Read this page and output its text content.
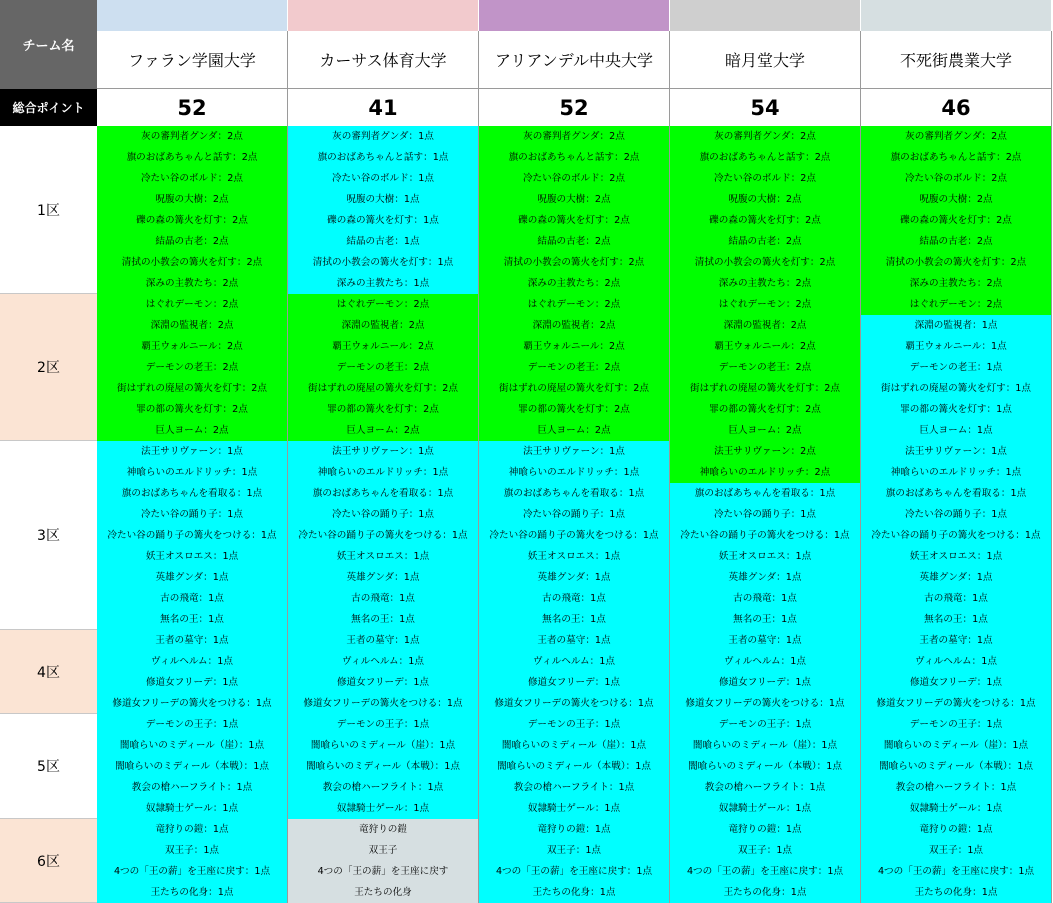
チーム名
総合ポイント
1区
2区
3区
4区
5区
6区
ファラン学園大学
52
灰の審判者グンダ：2点
旗のおばあちゃんと話す：2点
冷たい谷のボルド：2点
呪腹の大樹：2点
礫の森の篝火を灯す：2点
結晶の古老：2点
清拭の小教会の篝火を灯す：2点
深みの主教たち：2点
はぐれデーモン：2点
深淵の監視者：2点
覇王ウォルニール：2点
デーモンの老王：2点
街はずれの廃屋の篝火を灯す：2点
罪の都の篝火を灯す：2点
巨人ヨーム：2点
法王サリヴァーン：1点
神喰らいのエルドリッチ：1点
旗のおばあちゃんを看取る：1点
冷たい谷の踊り子：1点
冷たい谷の踊り子の篝火をつける：1点
妖王オスロエス：1点
英雄グンダ：1点
古の飛竜：1点
無名の王：1点
王者の墓守：1点
ヴィルヘルム：1点
修道女フリーデ：1点
修道女フリーデの篝火をつける：1点
デーモンの王子：1点
闇喰らいのミディール（崖）：1点
闇喰らいのミディール（本戦）：1点
教会の槍ハーフライト：1点
奴隷騎士ゲール：1点
竜狩りの鎧：1点
双王子：1点
4つの「王の薪」を王座に戻す：1点
王たちの化身：1点
カーサス体育大学
41
灰の審判者グンダ：1点
旗のおばあちゃんと話す：1点
冷たい谷のボルド：1点
呪腹の大樹：1点
礫の森の篝火を灯す：1点
結晶の古老：1点
清拭の小教会の篝火を灯す：1点
深みの主教たち：1点
はぐれデーモン：2点
深淵の監視者：2点
覇王ウォルニール：2点
デーモンの老王：2点
街はずれの廃屋の篝火を灯す：2点
罪の都の篝火を灯す：2点
巨人ヨーム：2点
法王サリヴァーン：1点
神喰らいのエルドリッチ：1点
旗のおばあちゃんを看取る：1点
冷たい谷の踊り子：1点
冷たい谷の踊り子の篝火をつける：1点
妖王オスロエス：1点
英雄グンダ：1点
古の飛竜：1点
無名の王：1点
王者の墓守：1点
ヴィルヘルム：1点
修道女フリーデ：1点
修道女フリーデの篝火をつける：1点
デーモンの王子：1点
闇喰らいのミディール（崖）：1点
闇喰らいのミディール（本戦）：1点
教会の槍ハーフライト：1点
奴隷騎士ゲール：1点
竜狩りの鎧
双王子
4つの「王の薪」を王座に戻す
王たちの化身
アリアンデル中央大学
52
灰の審判者グンダ：2点
旗のおばあちゃんと話す：2点
冷たい谷のボルド：2点
呪腹の大樹：2点
礫の森の篝火を灯す：2点
結晶の古老：2点
清拭の小教会の篝火を灯す：2点
深みの主教たち：2点
はぐれデーモン：2点
深淵の監視者：2点
覇王ウォルニール：2点
デーモンの老王：2点
街はずれの廃屋の篝火を灯す：2点
罪の都の篝火を灯す：2点
巨人ヨーム：2点
法王サリヴァーン：1点
神喰らいのエルドリッチ：1点
旗のおばあちゃんを看取る：1点
冷たい谷の踊り子：1点
冷たい谷の踊り子の篝火をつける：1点
妖王オスロエス：1点
英雄グンダ：1点
古の飛竜：1点
無名の王：1点
王者の墓守：1点
ヴィルヘルム：1点
修道女フリーデ：1点
修道女フリーデの篝火をつける：1点
デーモンの王子：1点
闇喰らいのミディール（崖）：1点
闇喰らいのミディール（本戦）：1点
教会の槍ハーフライト：1点
奴隷騎士ゲール：1点
竜狩りの鎧：1点
双王子：1点
4つの「王の薪」を王座に戻す：1点
王たちの化身：1点
暗月堂大学
54
灰の審判者グンダ：2点
旗のおばあちゃんと話す：2点
冷たい谷のボルド：2点
呪腹の大樹：2点
礫の森の篝火を灯す：2点
結晶の古老：2点
清拭の小教会の篝火を灯す：2点
深みの主教たち：2点
はぐれデーモン：2点
深淵の監視者：2点
覇王ウォルニール：2点
デーモンの老王：2点
街はずれの廃屋の篝火を灯す：2点
罪の都の篝火を灯す：2点
巨人ヨーム：2点
法王サリヴァーン：2点
神喰らいのエルドリッチ：2点
旗のおばあちゃんを看取る：1点
冷たい谷の踊り子：1点
冷たい谷の踊り子の篝火をつける：1点
妖王オスロエス：1点
英雄グンダ：1点
古の飛竜：1点
無名の王：1点
王者の墓守：1点
ヴィルヘルム：1点
修道女フリーデ：1点
修道女フリーデの篝火をつける：1点
デーモンの王子：1点
闇喰らいのミディール（崖）：1点
闇喰らいのミディール（本戦）：1点
教会の槍ハーフライト：1点
奴隷騎士ゲール：1点
竜狩りの鎧：1点
双王子：1点
4つの「王の薪」を王座に戻す：1点
王たちの化身：1点
不死街農業大学
46
灰の審判者グンダ：2点
旗のおばあちゃんと話す：2点
冷たい谷のボルド：2点
呪腹の大樹：2点
礫の森の篝火を灯す：2点
結晶の古老：2点
清拭の小教会の篝火を灯す：2点
深みの主教たち：2点
はぐれデーモン：2点
深淵の監視者：1点
覇王ウォルニール：1点
デーモンの老王：1点
街はずれの廃屋の篝火を灯す：1点
罪の都の篝火を灯す：1点
巨人ヨーム：1点
法王サリヴァーン：1点
神喰らいのエルドリッチ：1点
旗のおばあちゃんを看取る：1点
冷たい谷の踊り子：1点
冷たい谷の踊り子の篝火をつける：1点
妖王オスロエス：1点
英雄グンダ：1点
古の飛竜：1点
無名の王：1点
王者の墓守：1点
ヴィルヘルム：1点
修道女フリーデ：1点
修道女フリーデの篝火をつける：1点
デーモンの王子：1点
闇喰らいのミディール（崖）：1点
闇喰らいのミディール（本戦）：1点
教会の槍ハーフライト：1点
奴隷騎士ゲール：1点
竜狩りの鎧：1点
双王子：1点
4つの「王の薪」を王座に戻す：1点
王たちの化身：1点
